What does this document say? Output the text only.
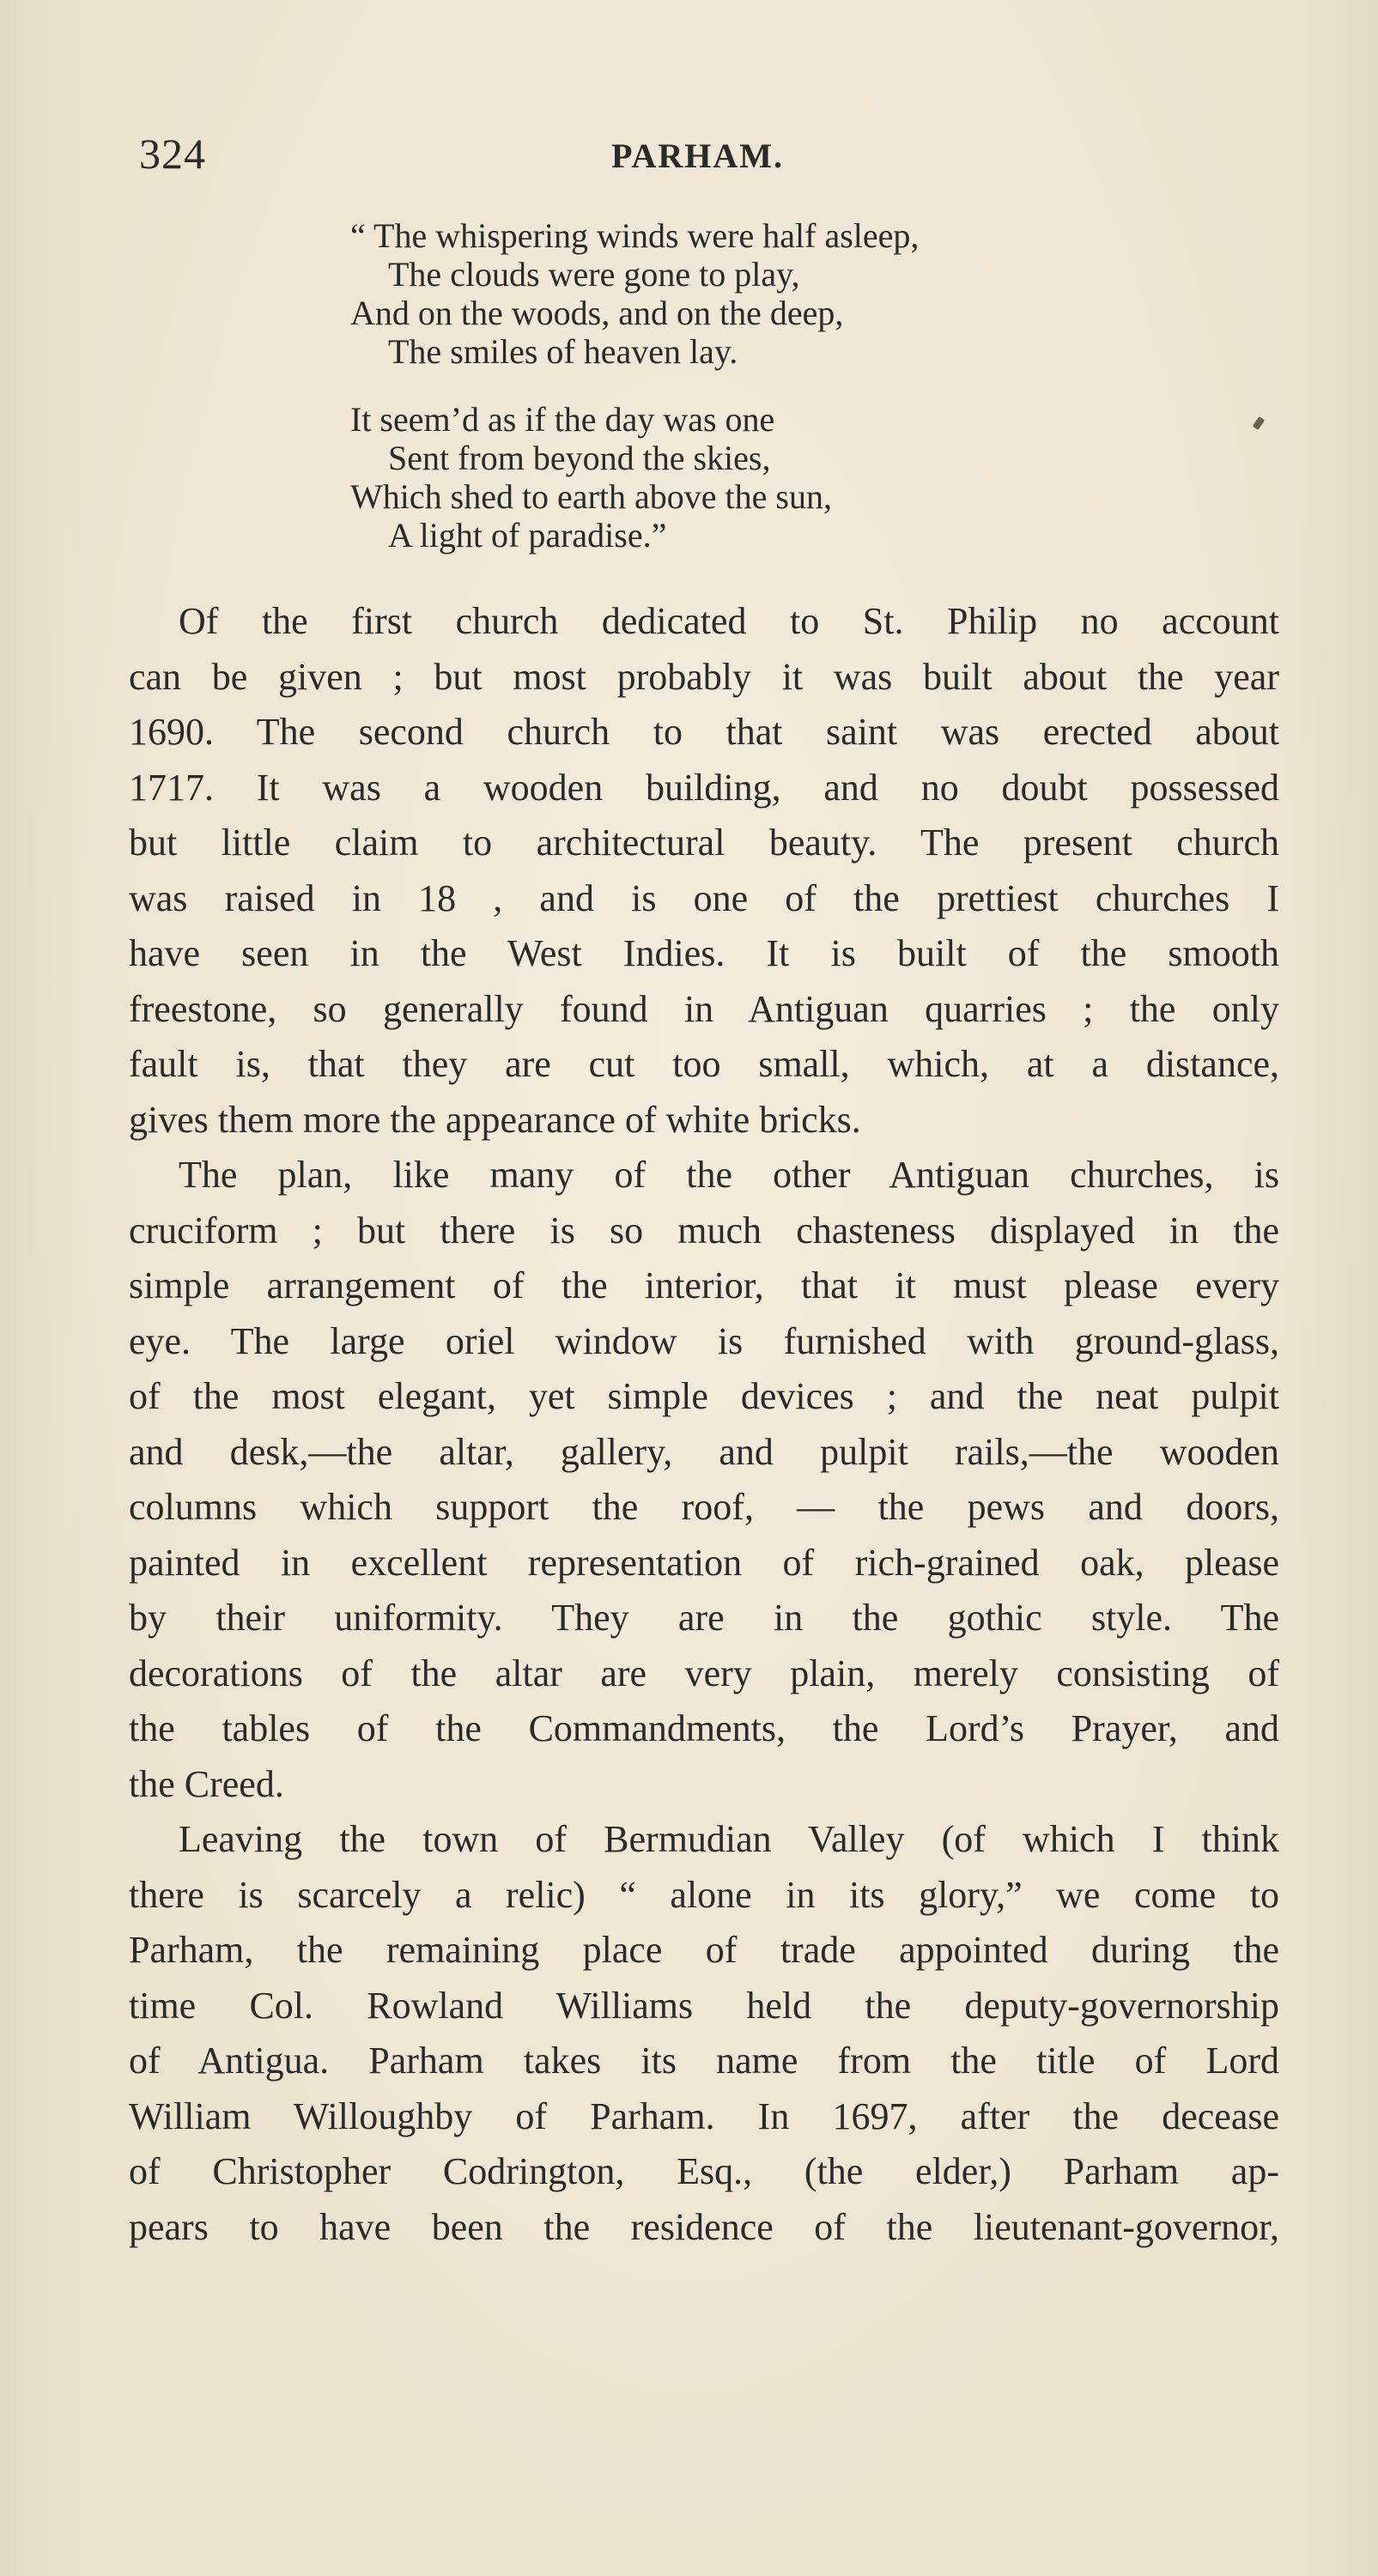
324	PARHAM.
“ The whispering winds were half asleep,
The clouds were gone to play,
And on the woods, and on the deep,
The smiles of heaven lay.
It seem’d as if the day was one
Sent from beyond the skies,
Which shed to earth above the sun,
A light of paradise.”

Of the first church dedicated to St. Philip no account
can be given ; but most probably it was built about the year
1690. The second church to that saint was erected about
1717. It was a wooden building, and no doubt possessed
but little claim to architectural beauty. The present church
was raised in 18 , and is one of the prettiest churches I
have seen in the West Indies. It is built of the smooth
freestone, so generally found in Antiguan quarries ; the only
fault is, that they are cut too small, which, at a distance,
gives them more the appearance of white bricks.

The plan, like many of the other Antiguan churches, is
cruciform ; but there is so much chasteness displayed in the
simple arrangement of the interior, that it must please every
eye. The large oriel window is furnished with ground-glass,
of the most elegant, yet simple devices ; and the neat pulpit
and desk,—the altar, gallery, and pulpit rails,—the wooden
columns which support the roof, — the pews and doors,
painted in excellent representation of rich-grained oak, please
by their uniformity. They are in the gothic style. The
decorations of the altar are very plain, merely consisting of
the tables of the Commandments, the Lord’s Prayer, and
the Creed.

Leaving the town of Bermudian Valley (of which I think
there is scarcely a relic) “ alone in its glory,” we come to
Parham, the remaining place of trade appointed during the
time Col. Rowland Williams held the deputy-governorship
of Antigua. Parham takes its name from the title of Lord
William Willoughby of Parham. In 1697, after the decease
of Christopher Codrington, Esq., (the elder,) Parham ap-
pears to have been the residence of the lieutenant-governor,
